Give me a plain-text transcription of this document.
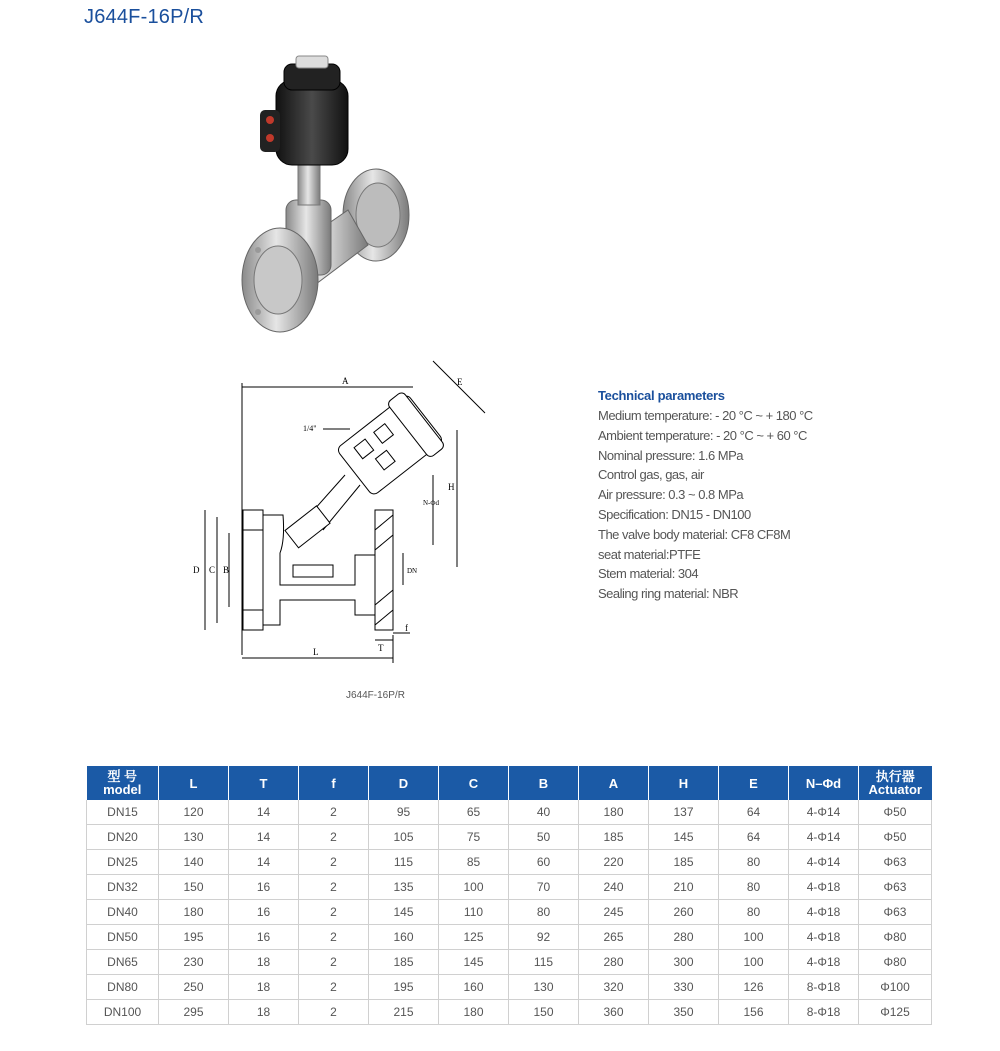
J644F-16P/R
A	E
H
1/4"
D C B	DN
N-Φd
T
f
L
J644F-16P/R
Technical parameters
Medium temperature: - 20 °C ~ + 180 °C
Ambient temperature: - 20 °C ~ + 60 °C
Nominal pressure: 1.6 MPa
Control gas, gas, air
Air pressure: 0.3 ~ 0.8 MPa
Specification: DN15 - DN100
The valve body material: CF8 CF8M
seat material:PTFE
Stem material: 304
Sealing ring material: NBR
型 号
model	L	T	f	D	C	B	A	H	E	N–Φd	执行器
Actuator

DN15	120	14	2	95	65	40	180	137	64	4-Φ14	Φ50
DN20	130	14	2	105	75	50	185	145	64	4-Φ14	Φ50
DN25	140	14	2	115	85	60	220	185	80	4-Φ14	Φ63
DN32	150	16	2	135	100	70	240	210	80	4-Φ18	Φ63
DN40	180	16	2	145	110	80	245	260	80	4-Φ18	Φ63
DN50	195	16	2	160	125	92	265	280	100	4-Φ18	Φ80
DN65	230	18	2	185	145	115	280	300	100	4-Φ18	Φ80
DN80	250	18	2	195	160	130	320	330	126	8-Φ18	Φ100
DN100	295	18	2	215	180	150	360	350	156	8-Φ18	Φ125
